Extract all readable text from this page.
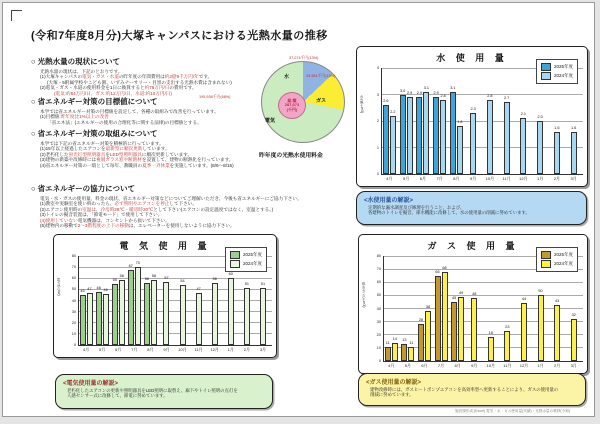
(令和7年度8月分)大塚キャンパスにおける光熱水量の推移
○ 光熱水量の現状について
光熱水量の現状は、下記のとおりです。
(1)大塚キャンパスの電気・ガス・水道の昨年度の年間費用は約2億9千万円/年です。
(大塚・5附属学校やこども園、いずみナーサリー・目黒の支出する光熱水費は含まれない)
(2)電気・ガス・水道の使用料金を1日に換算すると約76万円/日の費用です。
(電気:約54万円/日、ガス:約12万円/日、水道:約10万円/日)
○ 省エネルギー対策の目標値について
本学では省エネルギー対策の目標値を設定して、各種の取組みで改善を行っています。
(1)目標値:昨年度比1%以上の改善
「省エネ法」(エネルギーの使用の合理化等に関する法律)の目標値とする。
○ 省エネルギー対策の取組みについて
本学では下記の省エネルギー対策を積極的に行っています。
(1)15年以上経過したエアコンを最新型に順次更新しています。
(2)老朽化した蛍光灯型照明器具をLED型照明器具に順次更新しています。
(3)建物の新築や改修時には複層ガラス窓や断熱材を設置して、建物の断熱化を行っています。
(4)省エネルギー対策の一環として毎年、教職員の夏季一斉休業を実施しています。(8/9〜8/15)
○ 省エネルギーの協力について
電気・水・ガスの使用量、料金の現状、省エネルギー対策などについてご理解いただき、今後も省エネルギーにご協力下さい。
(1)教室や実験室を使い終わったら、必ず照明やエアコンを停止して下さい。
(2)エアコン使用時の室温は、冷房時28℃・暖房時20℃として下さい(エアコンの設定温度ではなく、室温とする。)
(3)トイレの擬音装置は、「節電モード」で使用して下さい。
(4)使用していない電気機器は、コンセントから抜いて下さい。
(5)建物内の移動で2〜3階程度の上下の移動は、エレベーターを使用しないように協力下さい。
総 額
287,073
(千円)
37,074千円(13%)
水	43,981千円(15%)
ガス
195,938千円(68%)
電気
昨年度の光熱水使用料金
水 使 用 量
2025年度
2024年度
水量(千m3)
0
1
2
3
4
4月
2.6
2.2
5月
3.0
2.9
6月
2.9
3.1
7月
2.9
2.8
8月
3.1
1.8
9月
2.3
10月
2.8
11月
2.7
12月
2.1
1月
2.0
2月
1.6
3月
1.6
電 気 使 用 量
2025年度
2024年度
電力(万kw)
0
10
20
30
40
50
60
70
80
4月
45
47
5月
48
46
6月
55
58
7月
67
70
8月
56
58
9月
57
10月
54
11月
47
12月
56
1月
60
2月
51
3月
51
ガ ス 使 用 量
2025年度
2024年度
都市ガス(千m3)
0
10
20
30
40
50
60
70
80
4月
11
14
5月
13
11
6月
28
38
7月
65
68
8月
45
49
9月
48
10月
18
11月
23
12月
44
1月
50
2月
43
3月
32
<水使用量の解説>
定期的な漏水調査及び修理を行うこと、および、
各建物のトイレを擬音、節水機能に改修して、水の使用量の削減に努めています。
<電気使用量の解説>
老朽化したエアコンの更新や照明器具をLED照明に取替え、廊下やトイレ照明の点灯を
人感センサー式に改修して、節電に努めています。
<ガス使用量の解説>
建物改修時には、ガスヒートポンプエアコンを高効率型へ更新することにより、ガスの使用量の
削減に努めています。
施設課作成:(Excel) 電気・水・ガス使用量(実績)・光熱水量の推移(令和)
